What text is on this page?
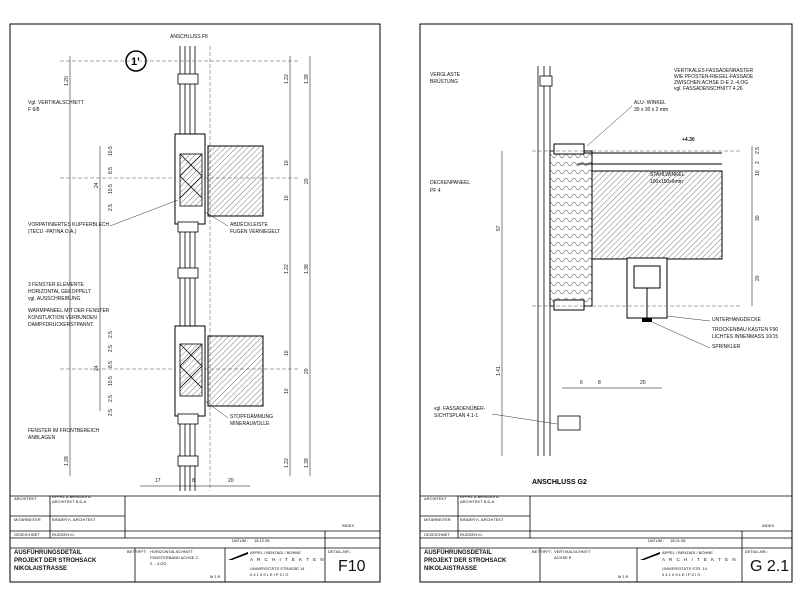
ANSCHLUSS F8
1'
1.20
10.5
8.5
10.5
2.5
24
2.5
2.5
8.5
10.5
2.5
24
2.5
1.28
1.22	1.38
10
20
10
1.22	1.38
10
20
10
1.22	1.38
17	8	20
Vgl. VERTIKALSCHNITT
F 6/8
VORPATINIERTES KUPFERBLECH
(TECU -PATINA O.A.)
ABDECKLEISTE
FUGEN VERNIEGELT
3 FENSTER ELEMENTE
HORIZONTAL GEKOPPELT
vgl. AUSSCHREIBUNG
WARMPANEEL MIT DER FENSTER
KONSTUKTION VERBUNDEN
DAMPFDRUCKERSTPANNT.
STOPFDÄMMUNG
MINERALWOLLE
FENSTER IM FRONTBEREICH
ANBLAGEN
ARCHITEKT	APPEL & BEHZADI A
ARCHITEKT B.D.A
MITARBEITER	BINDER K. ARCHITEKT
GEZEICHNET	RUDDEN Kr
DATUM : 18.12.95
INDEX
AUSFÜHRUNGSDETAIL
PROJEKT DER STROHSACK
NIKOLAISTRASSE
BETRIFFT: HORIZONTALSCHNITT
FENSTERBAND ACHSE C
2. - 4.OG
M 1:5
APPEL / BEHZADI / BOHNE
A R C H I T E K T E N
UNIVERSITÄTS STRASSE 14
0 4 1 0 9 L E I P Z I G
DETAIL-NR.:
F10
57
1.41
2.5
2
10
30
20
6	8	20
VERGLASTE
BRÜSTUNG
VERTIKALES FASSADENRASTER
WIE PFOSTEN-RIEGEL-FASSADE
ZWISCHEN ACHSE D-E 2.-4.OG
vgl. FASSADENSCHNITT 4.26
ALU- WINKEL
30 x 30 x 2 mm
+4.30
STAHLWINKEL
100x150x9mm
DECKENPANEEL
PF 4
UNTERHANGDECKE
TROCKENBAU KASTEN F90
LICHTES INNENMASS 10/15
SPRINKLER
vgl. FASSADENÜBER-
SICHTSPLAN 4.1-1
ANSCHLUSS G2
ARCHITEKT	APPEL & BEHZADI A
ARCHITEKT B.D.A
MITARBEITER BINDER K. ARCHITEKT
GEZEICHNET	RUDDEN Kr
DATUM : 18.01.96
INDEX
AUSFÜHRUNGSDETAIL
PROJEKT DER STROHSACK
NIKOLAISTRASSE
BETRIFFT: VERTIKALSCHNITT
ACHSE E
M 1:5
APPEL / BEHZADI / BOHNE
A R C H I T E K T E N
UNIVERSITÄTS STR. 14
0 4 1 0 9 L E I P Z I G
DETAIL-NR.:
G 2.1
